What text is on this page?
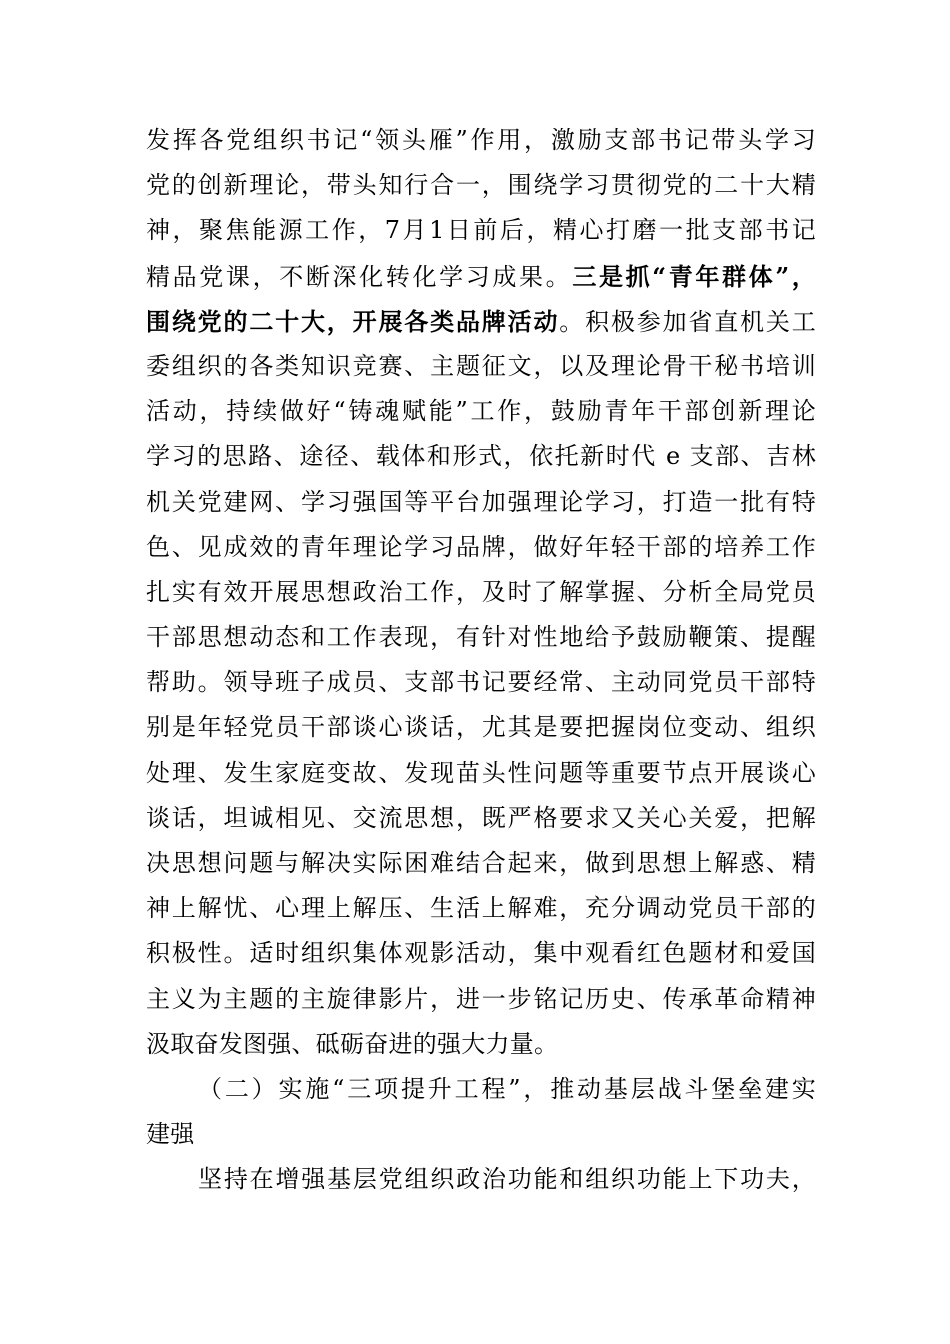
发挥各党组织书记“领头雁”作用，激励支部书记带头学习
党的创新理论，带头知行合一，围绕学习贯彻党的二十大精
神，聚焦能源工作，7月1日前后，精心打磨一批支部书记
精品党课，不断深化转化学习成果。三是抓“青年群体”，
围绕党的二十大，开展各类品牌活动。积极参加省直机关工
委组织的各类知识竞赛、主题征文，以及理论骨干秘书培训
活动，持续做好“铸魂赋能”工作，鼓励青年干部创新理论
学习的思路、途径、载体和形式，依托新时代 e 支部、吉林
机关党建网、学习强国等平台加强理论学习，打造一批有特
色、见成效的青年理论学习品牌，做好年轻干部的培养工作
扎实有效开展思想政治工作，及时了解掌握、分析全局党员
干部思想动态和工作表现，有针对性地给予鼓励鞭策、提醒
帮助。领导班子成员、支部书记要经常、主动同党员干部特
别是年轻党员干部谈心谈话，尤其是要把握岗位变动、组织
处理、发生家庭变故、发现苗头性问题等重要节点开展谈心
谈话，坦诚相见、交流思想，既严格要求又关心关爱，把解
决思想问题与解决实际困难结合起来，做到思想上解惑、精
神上解忧、心理上解压、生活上解难，充分调动党员干部的
积极性。适时组织集体观影活动，集中观看红色题材和爱国
主义为主题的主旋律影片，进一步铭记历史、传承革命精神
汲取奋发图强、砥砺奋进的强大力量。
（二）实施“三项提升工程”，推动基层战斗堡垒建实
建强
坚持在增强基层党组织政治功能和组织功能上下功夫，
